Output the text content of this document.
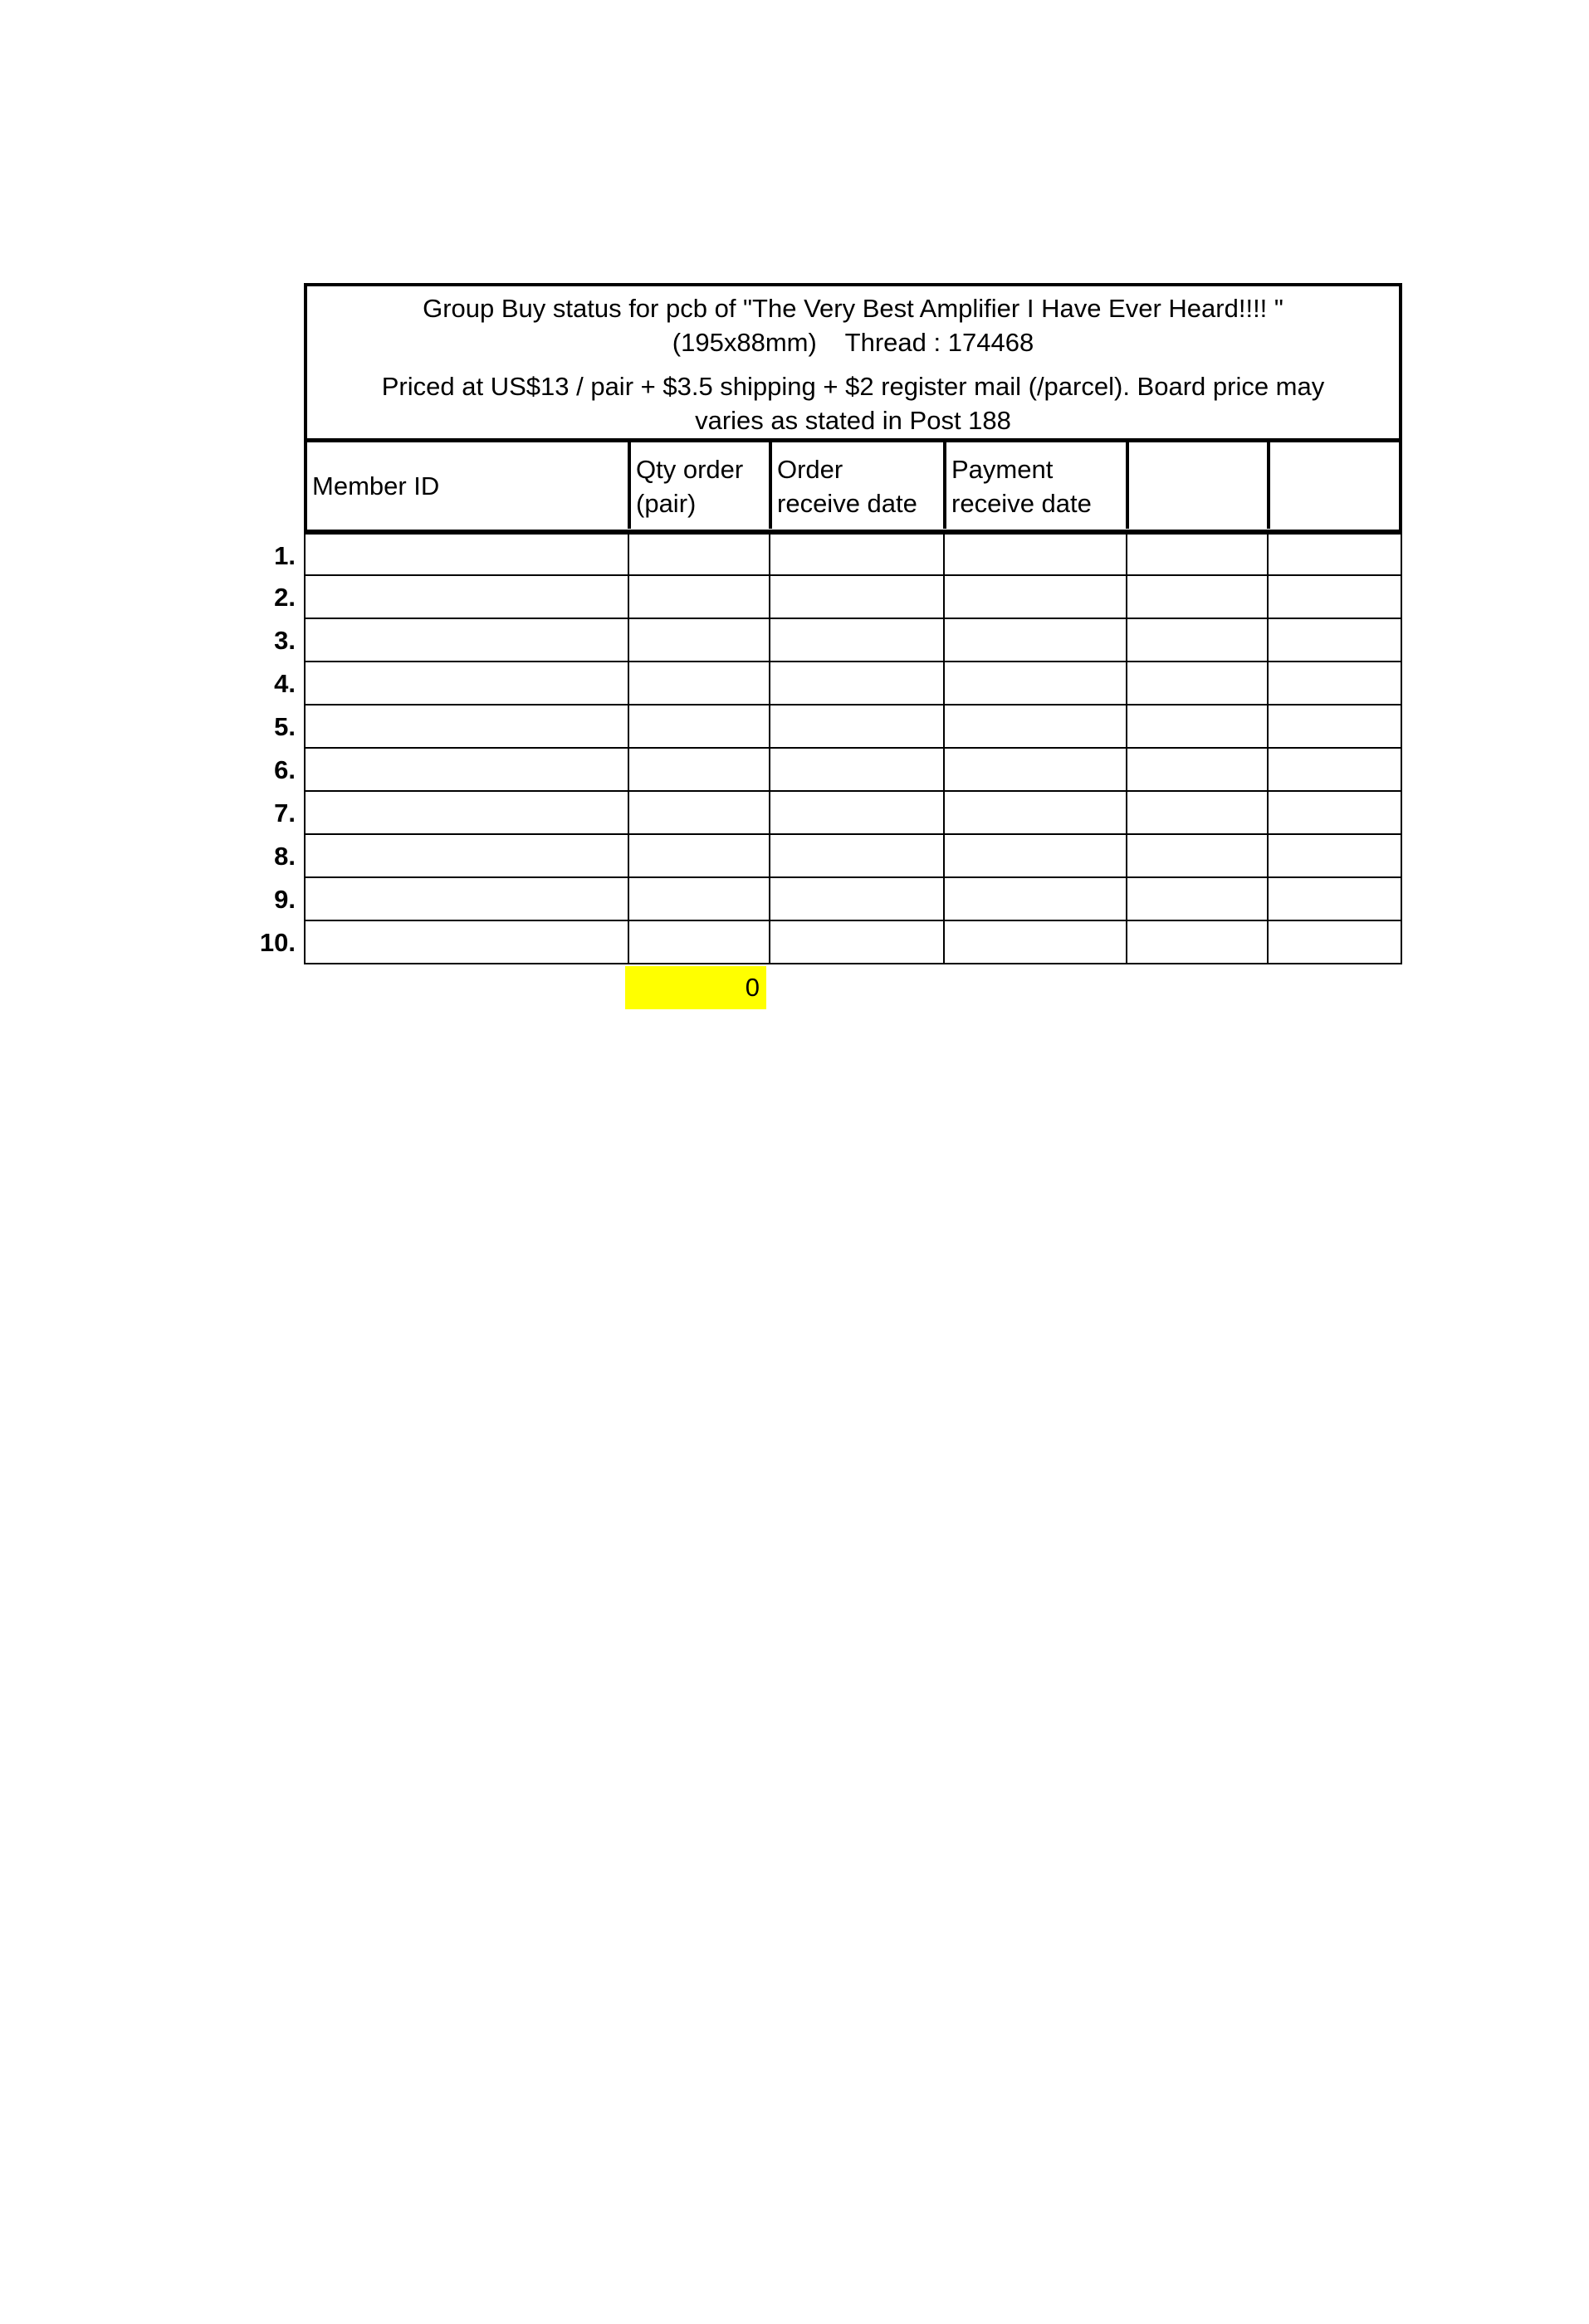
Group Buy status for pcb of "The Very Best Amplifier I Have Ever Heard!!!! "
(195x88mm)    Thread : 174468
Priced at US$13 / pair + $3.5 shipping + $2 register mail (/parcel). Board price may
varies as stated in Post 188
Member ID
Qty order
(pair)
Order
receive date
Payment
receive date
1.
2.
3.
4.
5.
6.
7.
8.
9.
10.
0
